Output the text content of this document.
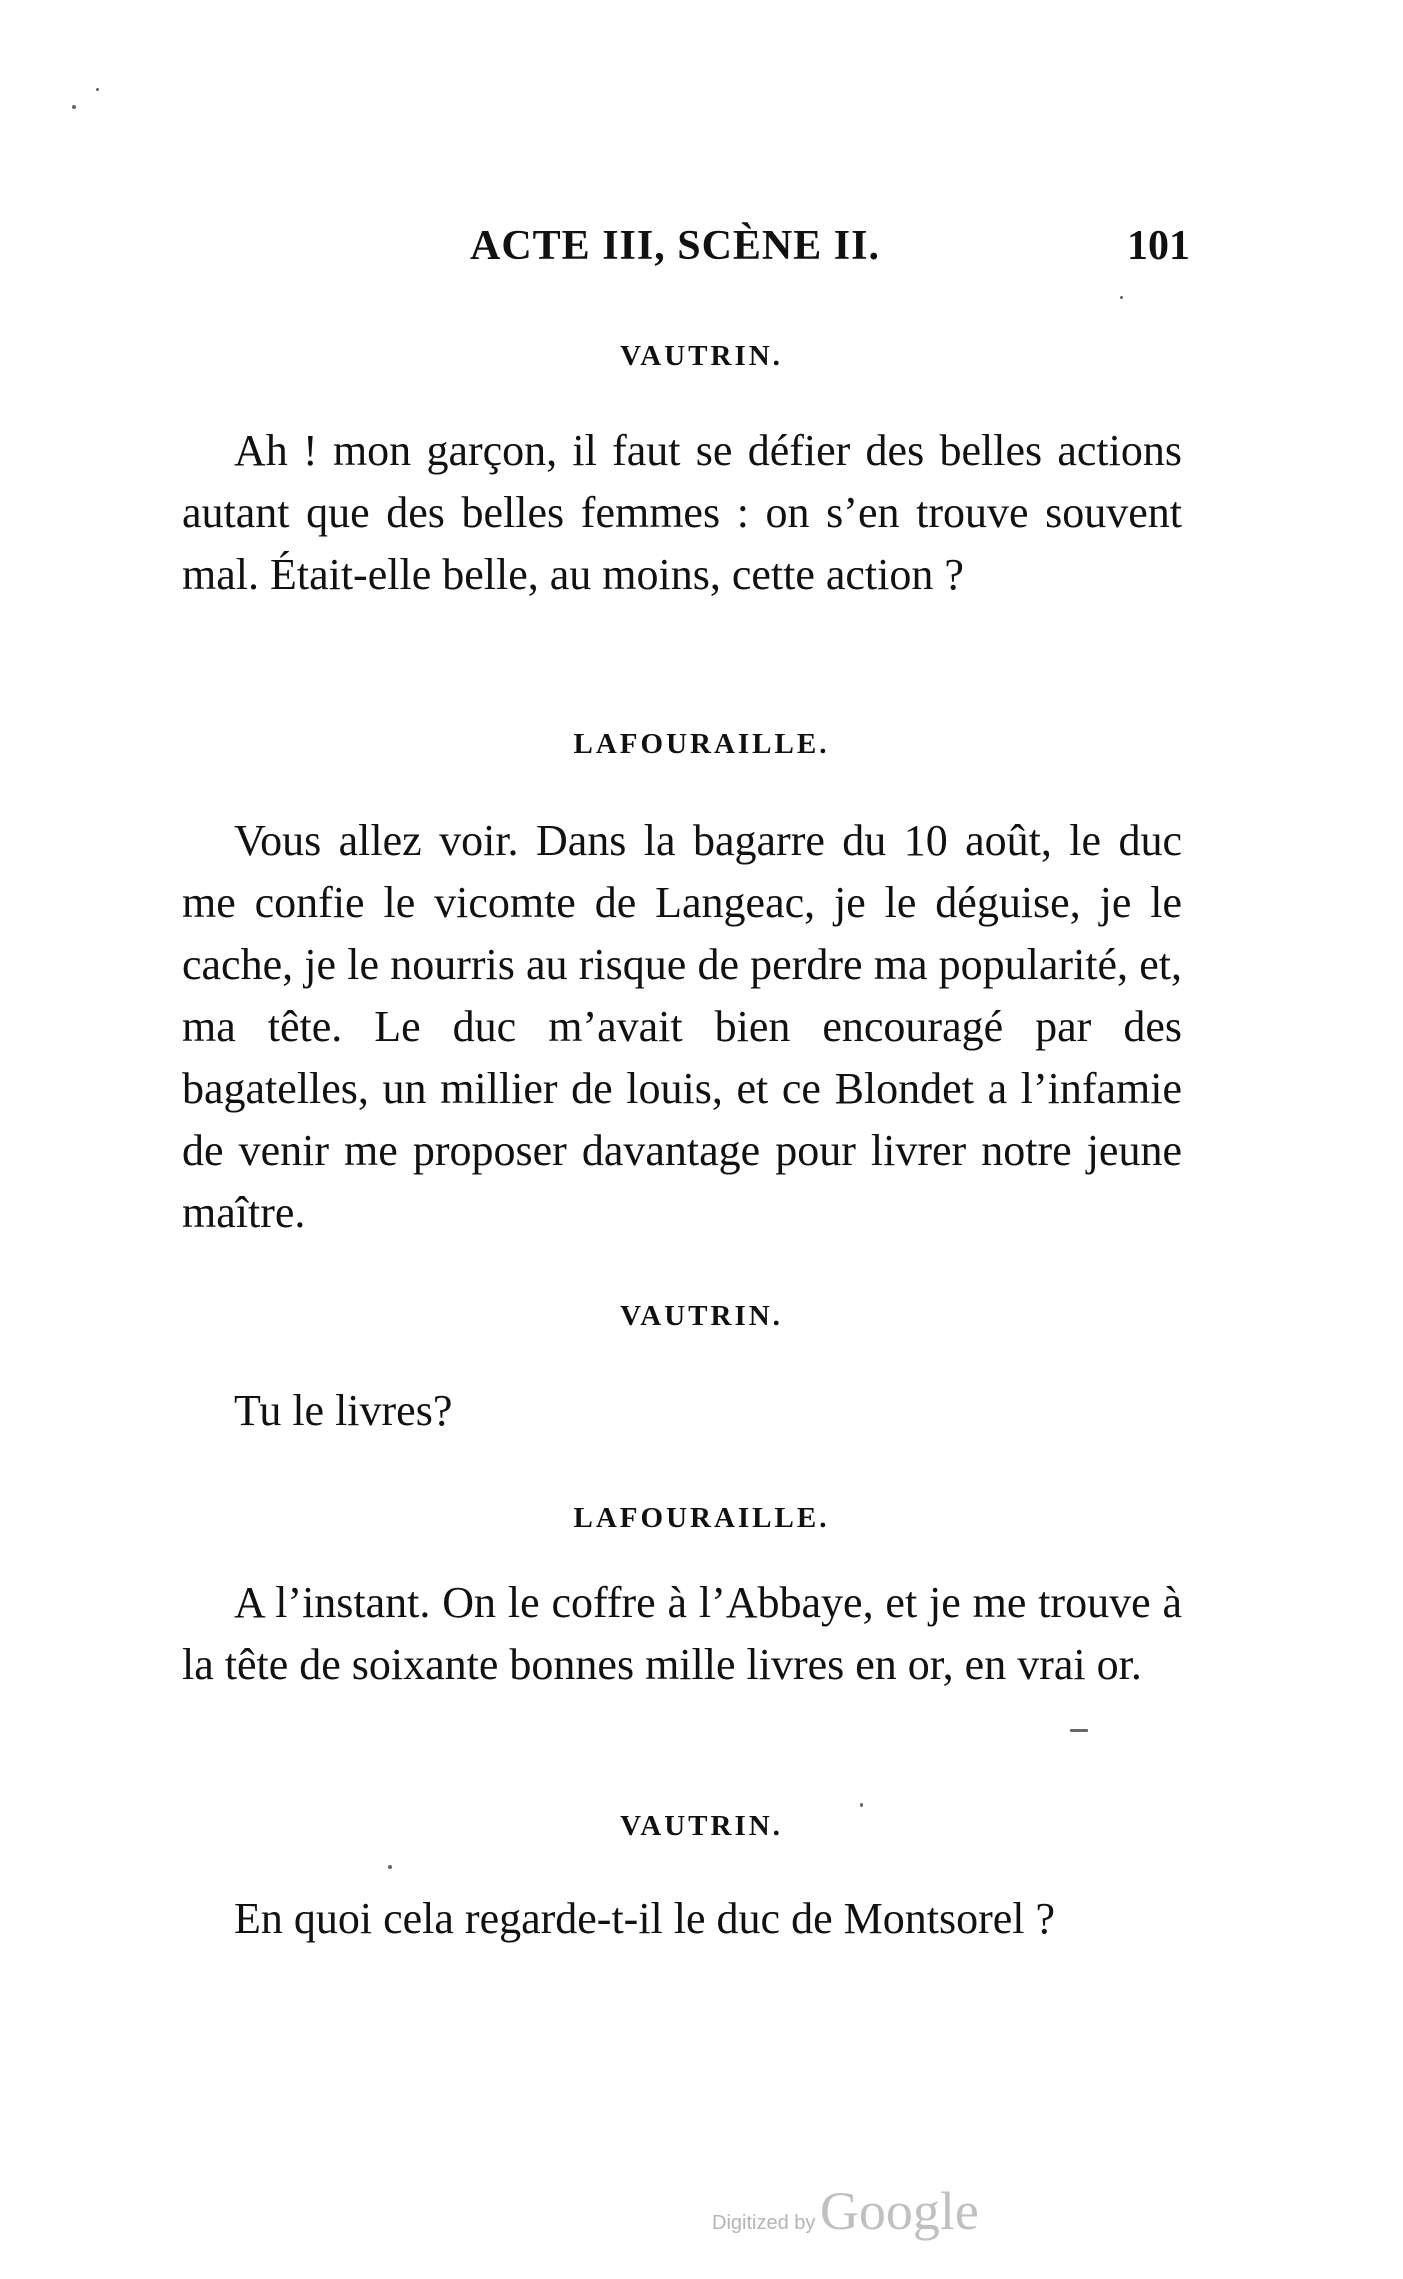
ACTE III, SCÈNE II.	101
VAUTRIN.
Ah ! mon garçon, il faut se défier des belles actions autant que des belles femmes : on s’en trouve souvent mal. Était-elle belle, au moins, cette action ?
LAFOURAILLE.
Vous allez voir. Dans la bagarre du 10 août, le duc me confie le vicomte de Langeac, je le déguise, je le cache, je le nourris au risque de perdre ma popularité, et, ma tête. Le duc m’avait bien encouragé par des bagatelles, un millier de louis, et ce Blondet a l’infamie de venir me proposer davantage pour livrer notre jeune maître.
VAUTRIN.
Tu le livres?
LAFOURAILLE.
A l’instant. On le coffre à l’Abbaye, et je me trouve à la tête de soixante bonnes mille livres en or, en vrai or.
VAUTRIN.
En quoi cela regarde-t-il le duc de Montsorel ?
Digitized by Google
